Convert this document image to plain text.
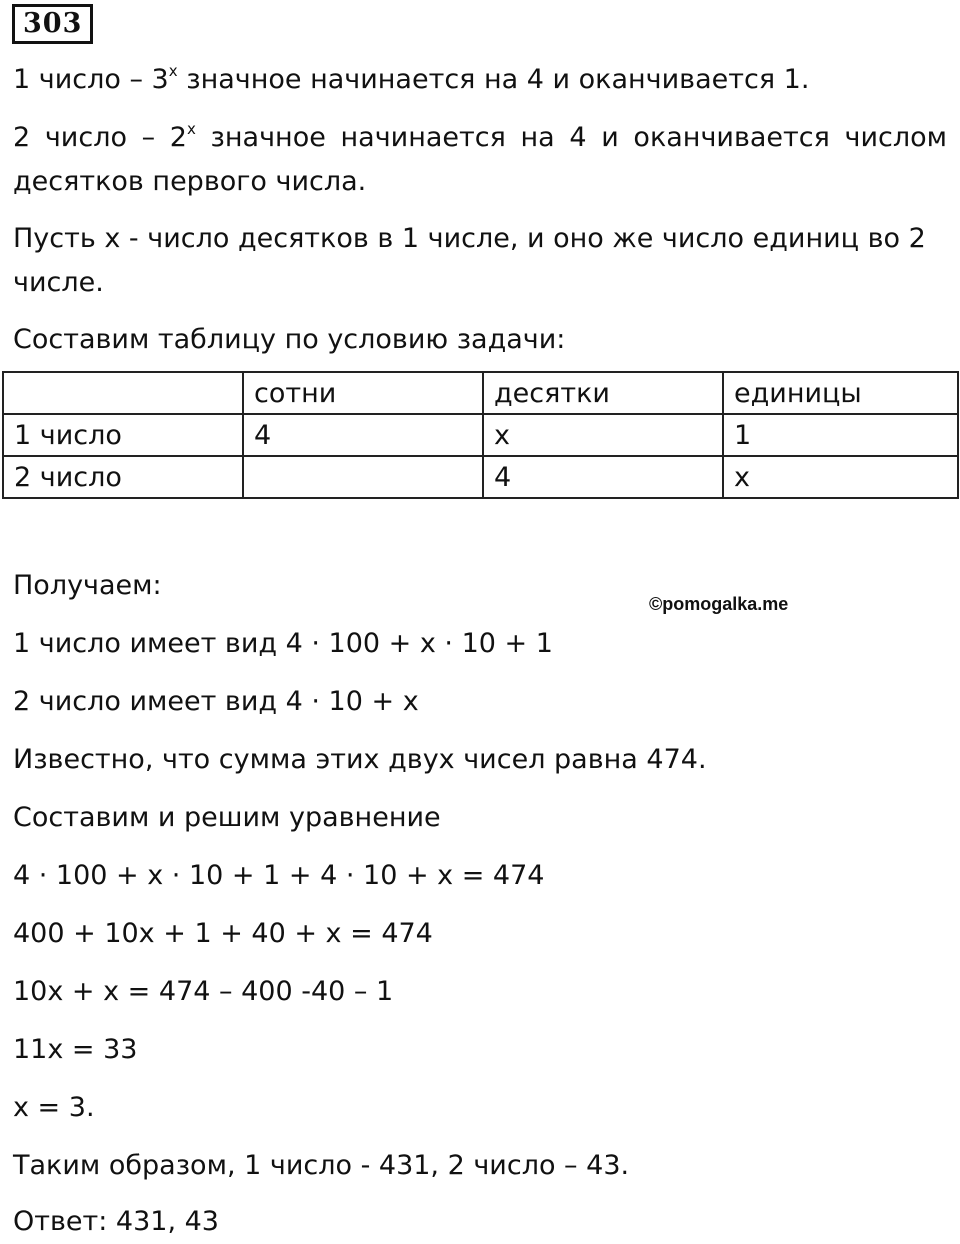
303
1 число – $3^х$ значное начинается на 4 и оканчивается 1.
2 число – $2^х$ значное начинается на 4 и оканчивается числом
десятков первого числа.
Пусть х - число десятков в 1 числе, и оно же число единиц во 2
числе.
Составим таблицу по условию задачи:
	сотни	десятки	единицы
1 число	4	х	1
2 число		4	х
Получаем:
©pomogalka.me
1 число имеет вид 4 · 100 + х · 10 + 1
2 число имеет вид 4 · 10 + х
Известно, что сумма этих двух чисел равна 474.
Составим и решим уравнение
4 · 100 + х · 10 + 1 + 4 · 10 + х = 474
400 + 10х + 1 + 40 + х = 474
10х + х = 474 – 400 -40 – 1
11х = 33
х = 3.
Таким образом, 1 число - 431, 2 число – 43.
Ответ: 431, 43
